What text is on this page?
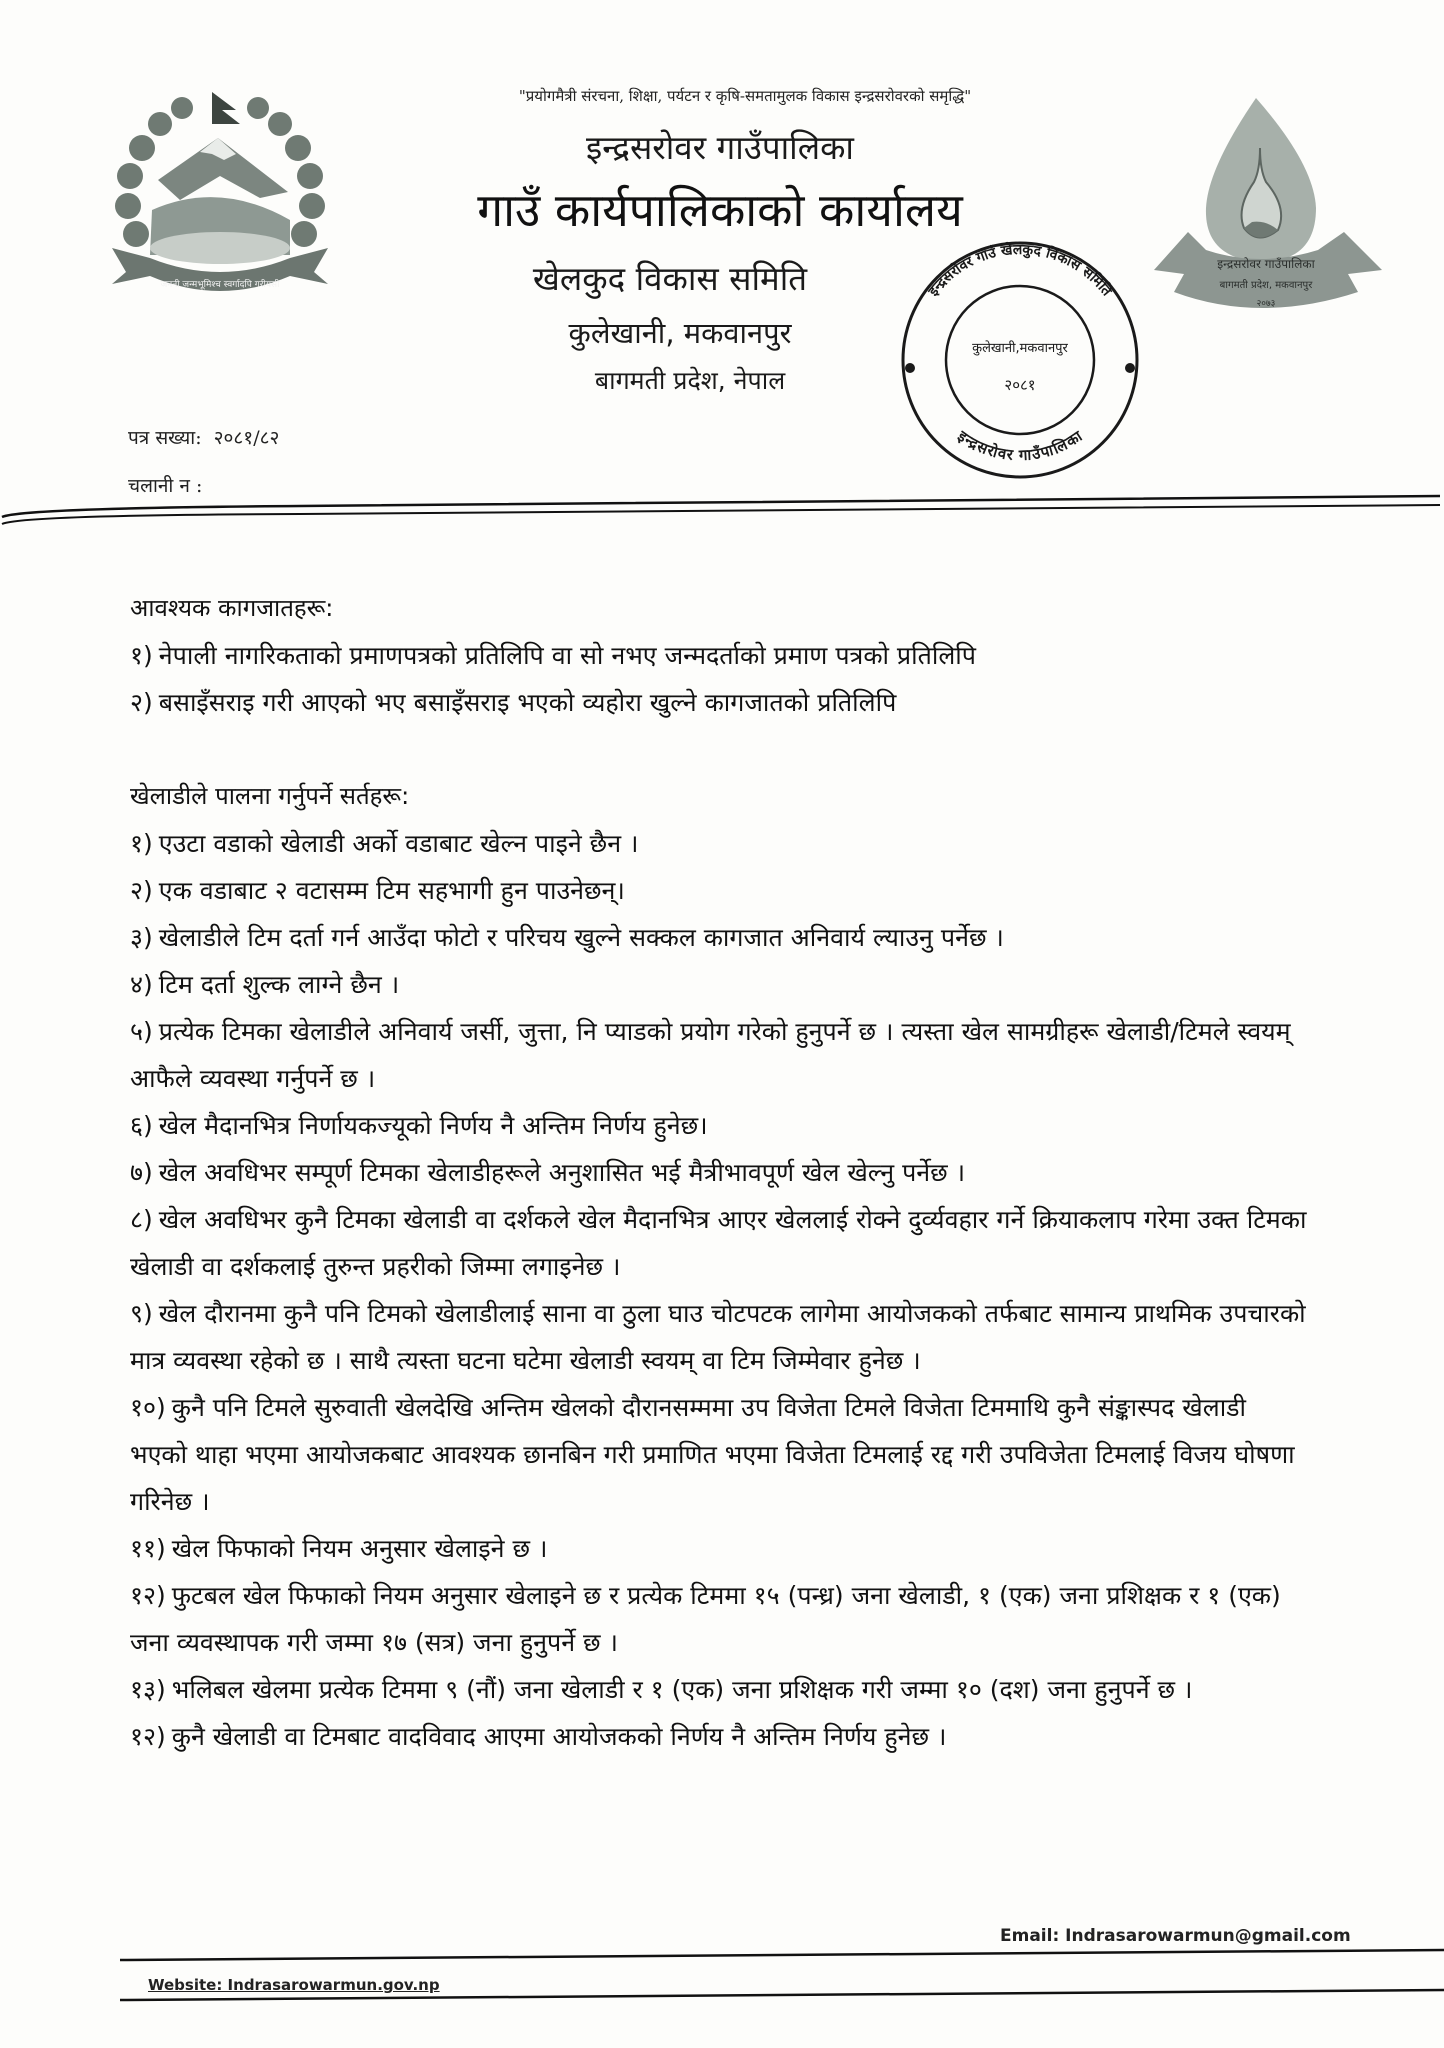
जननी जन्मभूमिश्च स्वर्गादपि गरीयसी
इन्द्रसरोवर गाउँपालिका
बागमती प्रदेश, मकवानपुर
२०७३
"प्रयोगमैत्री संरचना, शिक्षा, पर्यटन र कृषि-समतामुलक विकास इन्द्रसरोवरको समृद्धि"
इन्द्रसरोवर गाउँपालिका
गाउँ कार्यपालिकाको कार्यालय
खेलकुद विकास समिति
कुलेखानी, मकवानपुर
बागमती प्रदेश, नेपाल
पत्र सख्या: २०८१/८२
चलानी न :
इन्द्रसरोवर गाउँ खेलकुद विकास समिति
इन्द्रसरोवर गाउँपालिका
कुलेखानी,मकवानपुर
२०८१
आवश्यक कागजातहरू:

१) नेपाली नागरिकताको प्रमाणपत्रको प्रतिलिपि वा सो नभए जन्मदर्ताको प्रमाण पत्रको प्रतिलिपि

२) बसाइँसराइ गरी आएको भए बसाइँसराइ भएको व्यहोरा खुल्ने कागजातको प्रतिलिपि

खेलाडीले पालना गर्नुपर्ने सर्तहरू:

१) एउटा वडाको खेलाडी अर्को वडाबाट खेल्न पाइने छैन ।

२) एक वडाबाट २ वटासम्म टिम सहभागी हुन पाउनेछन्।

३) खेलाडीले टिम दर्ता गर्न आउँदा फोटो र परिचय खुल्ने सक्कल कागजात अनिवार्य ल्याउनु पर्नेछ ।

४) टिम दर्ता शुल्क लाग्ने छैन ।

५) प्रत्येक टिमका खेलाडीले अनिवार्य जर्सी, जुत्ता, नि प्याडको प्रयोग गरेको हुनुपर्ने छ । त्यस्ता खेल सामग्रीहरू खेलाडी/टिमले स्वयम् आफैले व्यवस्था गर्नुपर्ने छ ।

६) खेल मैदानभित्र निर्णायकज्यूको निर्णय नै अन्तिम निर्णय हुनेछ।

७) खेल अवधिभर सम्पूर्ण टिमका खेलाडीहरूले अनुशासित भई मैत्रीभावपूर्ण खेल खेल्नु पर्नेछ ।

८) खेल अवधिभर कुनै टिमका खेलाडी वा दर्शकले खेल मैदानभित्र आएर खेललाई रोक्ने दुर्व्यवहार गर्ने क्रियाकलाप गरेमा उक्त टिमका खेलाडी वा दर्शकलाई तुरुन्त प्रहरीको जिम्मा लगाइनेछ ।

९) खेल दौरानमा कुनै पनि टिमको खेलाडीलाई साना वा ठुला घाउ चोटपटक लागेमा आयोजकको तर्फबाट सामान्य प्राथमिक उपचारको मात्र व्यवस्था रहेको छ । साथै त्यस्ता घटना घटेमा खेलाडी स्वयम् वा टिम जिम्मेवार हुनेछ ।

१०) कुनै पनि टिमले सुरुवाती खेलदेखि अन्तिम खेलको दौरानसम्ममा उप विजेता टिमले विजेता टिममाथि कुनै संङ्कास्पद खेलाडी भएको थाहा भएमा आयोजकबाट आवश्यक छानबिन गरी प्रमाणित भएमा विजेता टिमलाई रद्द गरी उपविजेता टिमलाई विजय घोषणा गरिनेछ ।

११) खेल फिफाको नियम अनुसार खेलाइने छ ।

१२) फुटबल खेल फिफाको नियम अनुसार खेलाइने छ र प्रत्येक टिममा १५ (पन्ध्र) जना खेलाडी, १ (एक) जना प्रशिक्षक र १ (एक) जना व्यवस्थापक गरी जम्मा १७ (सत्र) जना हुनुपर्ने छ ।

१३) भलिबल खेलमा प्रत्येक टिममा ९ (नौं) जना खेलाडी र १ (एक) जना प्रशिक्षक गरी जम्मा १० (दश) जना हुनुपर्ने छ ।

१२) कुनै खेलाडी वा टिमबाट वादविवाद आएमा आयोजकको निर्णय नै अन्तिम निर्णय हुनेछ ।

Email: Indrasarowarmun@gmail.com
Website: Indrasarowarmun.gov.np
